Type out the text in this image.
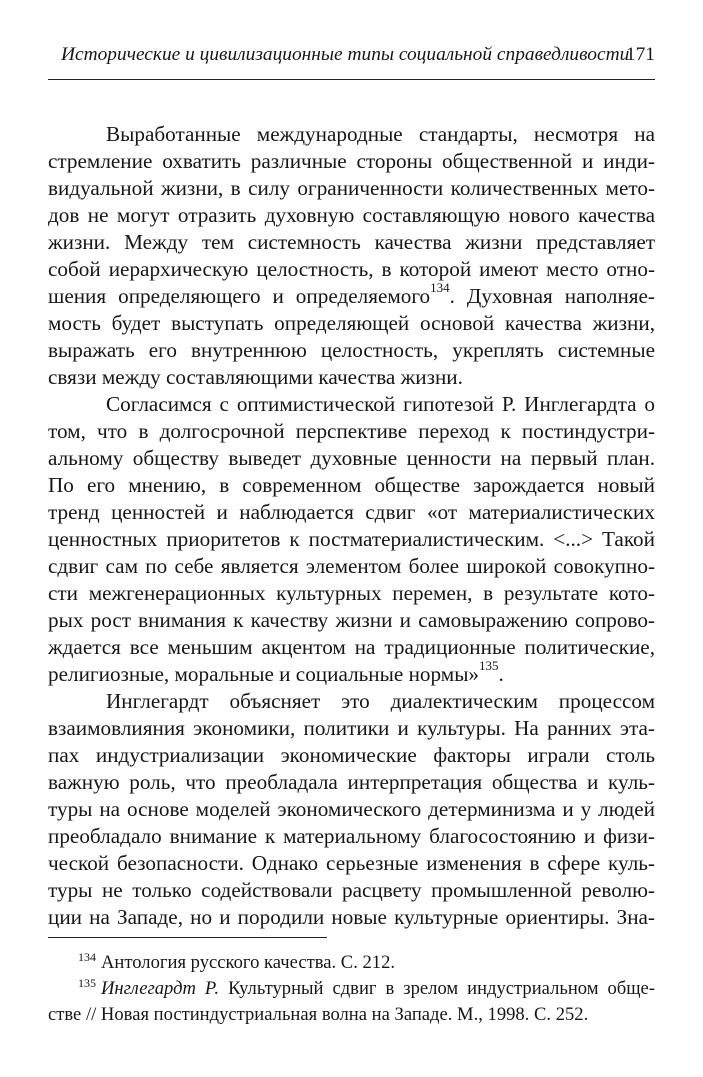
Исторические и цивилизационные типы социальной справедливости
171
Выработанные международные стандарты, несмотря на
стремление охватить различные стороны общественной и инди-
видуальной жизни, в силу ограниченности количественных мето-
дов не могут отразить духовную составляющую нового качества
жизни. Между тем системность качества жизни представляет
собой иерархическую целостность, в которой имеют место отно-
шения определяющего и определяемого$^{134}$. Духовная наполняе-
мость будет выступать определяющей основой качества жизни,
выражать его внутреннюю целостность, укреплять системные
связи между составляющими качества жизни.
Согласимся с оптимистической гипотезой Р. Инглегардта о
том, что в долгосрочной перспективе переход к постиндустри-
альному обществу выведет духовные ценности на первый план.
По его мнению, в современном обществе зарождается новый
тренд ценностей и наблюдается сдвиг «от материалистических
ценностных приоритетов к постматериалистическим. <...> Такой
сдвиг сам по себе является элементом более широкой совокупно-
сти межгенерационных культурных перемен, в результате кото-
рых рост внимания к качеству жизни и самовыражению сопрово-
ждается все меньшим акцентом на традиционные политические,
религиозные, моральные и социальные нормы»$^{135}$.
Инглегардт объясняет это диалектическим процессом
взаимовлияния экономики, политики и культуры. На ранних эта-
пах индустриализации экономические факторы играли столь
важную роль, что преобладала интерпретация общества и куль-
туры на основе моделей экономического детерминизма и у людей
преобладало внимание к материальному благосостоянию и физи-
ческой безопасности. Однако серьезные изменения в сфере куль-
туры не только содействовали расцвету промышленной револю-
ции на Западе, но и породили новые культурные ориентиры. Зна-
$^{134}$ Антология русского качества. С. 212.
$^{135}$ Инглегардт Р. Культурный сдвиг в зрелом индустриальном обще-
стве // Новая постиндустриальная волна на Западе. М., 1998. С. 252.
